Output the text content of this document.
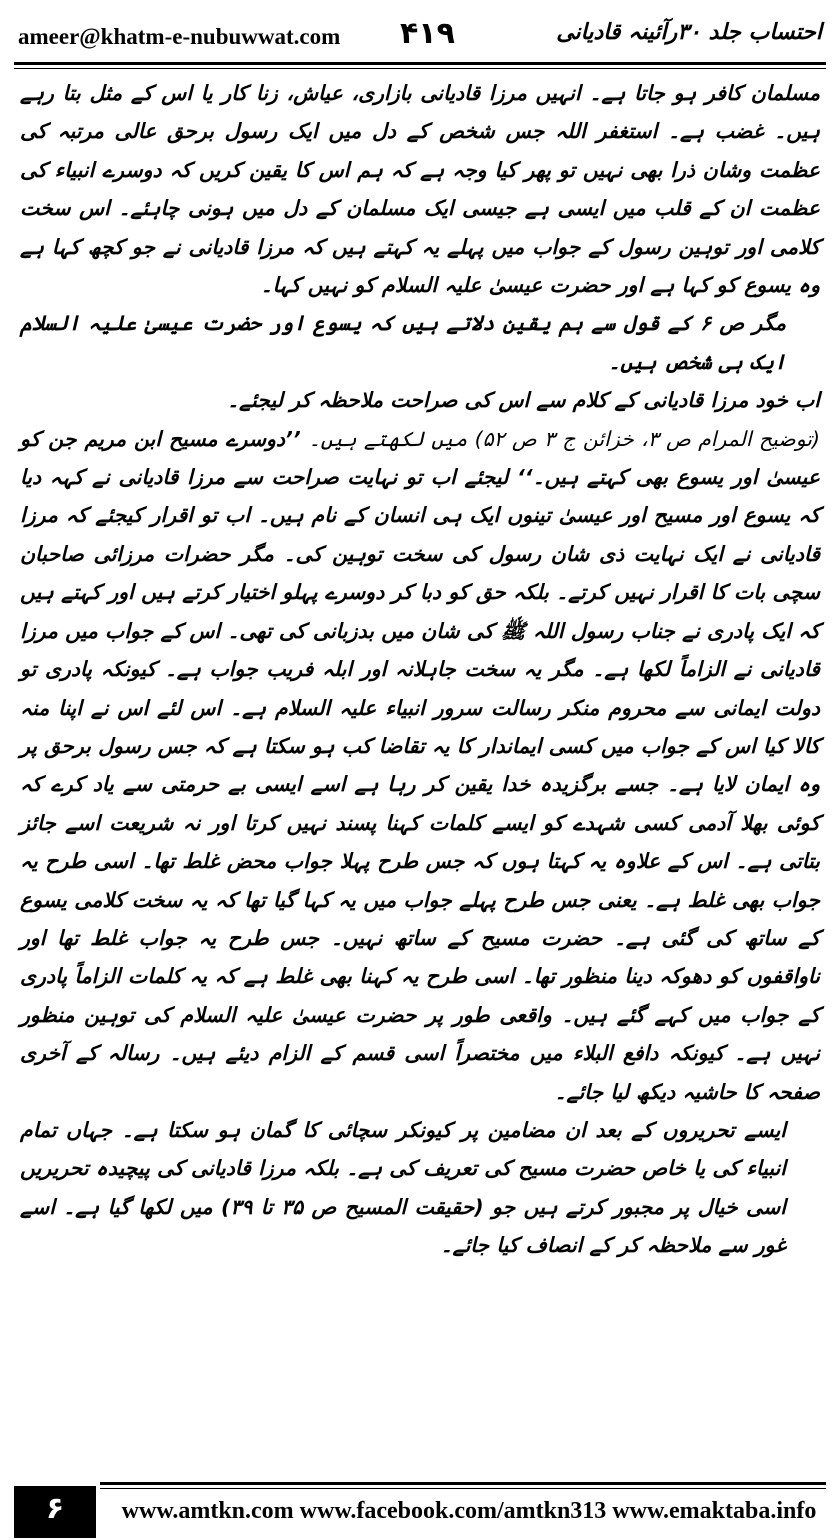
ameer@khatm-e-nubuwwat.com ۴۱۹	احتساب جلد ۳۰رآئینہ قادیانی

مسلمان کافر ہو جاتا ہے۔ انہیں مرزا قادیانی بازاری، عیاش، زنا کار یا اس کے مثل بتا رہے ہیں۔ غضب ہے۔ استغفر اللہ جس شخص کے دل میں ایک رسول برحق عالی مرتبہ کی عظمت وشان ذرا بھی نہیں تو پھر کیا وجہ ہے کہ ہم اس کا یقین کریں کہ دوسرے انبیاء کی عظمت ان کے قلب میں ایسی ہے جیسی ایک مسلمان کے دل میں ہونی چاہئے۔ اس سخت کلامی اور توہین رسول کے جواب میں پہلے یہ کہتے ہیں کہ مرزا قادیانی نے جو کچھ کہا ہے وہ یسوع کو کہا ہے اور حضرت عیسیٰ علیہ السلام کو نہیں کہا۔

مگر ص ۶ کے قول سے ہم یقین دلاتے ہیں کہ یسوع اور حضرت عیسیٰ علیہ السلام ایک ہی شخص ہیں۔

اب خود مرزا قادیانی کے کلام سے اس کی صراحت ملاحظہ کر لیجئے۔

(توضیح المرام ص ۳، خزائن ج ۳ ص ۵۲) میں لکھتے ہیں۔ ’’دوسرے مسیح ابن مریم جن کو عیسیٰ اور یسوع بھی کہتے ہیں۔‘‘ لیجئے اب تو نہایت صراحت سے مرزا قادیانی نے کہہ دیا کہ یسوع اور مسیح اور عیسیٰ تینوں ایک ہی انسان کے نام ہیں۔ اب تو اقرار کیجئے کہ مرزا قادیانی نے ایک نہایت ذی شان رسول کی سخت توہین کی۔ مگر حضرات مرزائی صاحبان سچی بات کا اقرار نہیں کرتے۔ بلکہ حق کو دبا کر دوسرے پہلو اختیار کرتے ہیں اور کہتے ہیں کہ ایک پادری نے جناب رسول اللہ ﷺ کی شان میں بدزبانی کی تھی۔ اس کے جواب میں مرزا قادیانی نے الزاماً لکھا ہے۔ مگر یہ سخت جاہلانہ اور ابلہ فریب جواب ہے۔ کیونکہ پادری تو دولت ایمانی سے محروم منکر رسالت سرور انبیاء علیہ السلام ہے۔ اس لئے اس نے اپنا منہ کالا کیا اس کے جواب میں کسی ایماندار کا یہ تقاضا کب ہو سکتا ہے کہ جس رسول برحق پر وہ ایمان لایا ہے۔ جسے برگزیدہ خدا یقین کر رہا ہے اسے ایسی بے حرمتی سے یاد کرے کہ کوئی بھلا آدمی کسی شہدے کو ایسے کلمات کہنا پسند نہیں کرتا اور نہ شریعت اسے جائز بتاتی ہے۔ اس کے علاوہ یہ کہتا ہوں کہ جس طرح پہلا جواب محض غلط تھا۔ اسی طرح یہ جواب بھی غلط ہے۔ یعنی جس طرح پہلے جواب میں یہ کہا گیا تھا کہ یہ سخت کلامی یسوع کے ساتھ کی گئی ہے۔ حضرت مسیح کے ساتھ نہیں۔ جس طرح یہ جواب غلط تھا اور ناواقفوں کو دھوکہ دینا منظور تھا۔ اسی طرح یہ کہنا بھی غلط ہے کہ یہ کلمات الزاماً پادری کے جواب میں کہے گئے ہیں۔ واقعی طور پر حضرت عیسیٰ علیہ السلام کی توہین منظور نہیں ہے۔ کیونکہ دافع البلاء میں مختصراً اسی قسم کے الزام دیئے ہیں۔ رسالہ کے آخری صفحہ کا حاشیہ دیکھ لیا جائے۔

ایسے تحریروں کے بعد ان مضامین پر کیونکر سچائی کا گمان ہو سکتا ہے۔ جہاں تمام انبیاء کی یا خاص حضرت مسیح کی تعریف کی ہے۔ بلکہ مرزا قادیانی کی پیچیدہ تحریریں اسی خیال پر مجبور کرتے ہیں جو (حقیقت المسیح ص ۳۵ تا ۳۹) میں لکھا گیا ہے۔ اسے غور سے ملاحظہ کر کے انصاف کیا جائے۔

۶	www.amtkn.com www.facebook.com/amtkn313 www.emaktaba.info
